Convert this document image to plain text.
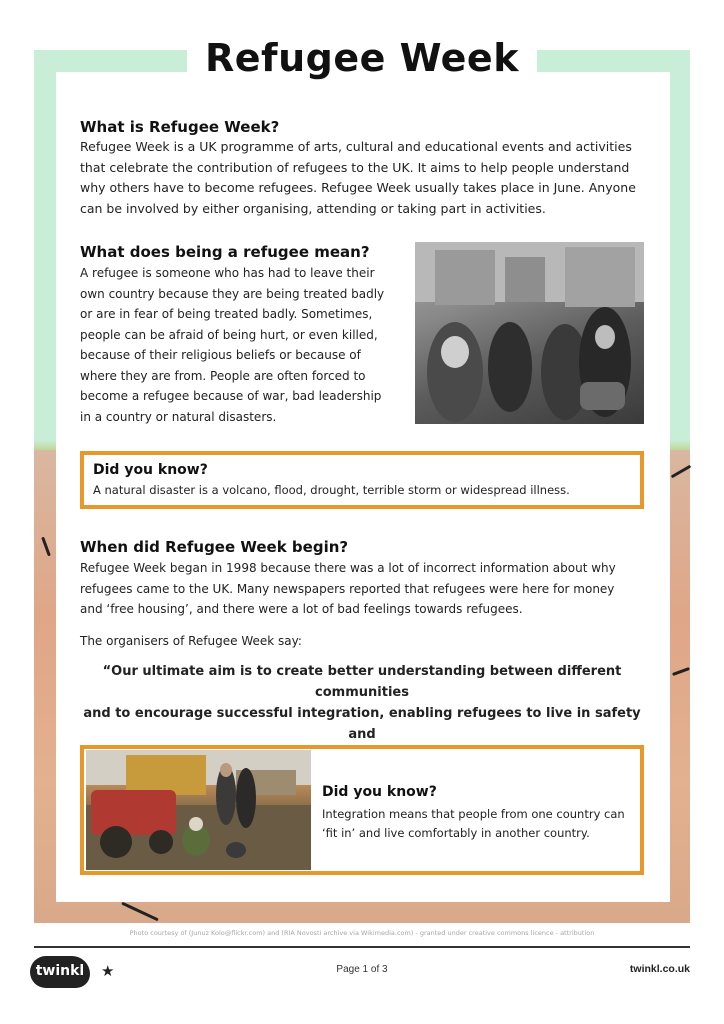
Refugee Week
What is Refugee Week?
Refugee Week is a UK programme of arts, cultural and educational events and activities
that celebrate the contribution of refugees to the UK. It aims to help people understand
why others have to become refugees. Refugee Week usually takes place in June. Anyone
can be involved by either organising, attending or taking part in activities.
What does being a refugee mean?
A refugee is someone who has had to leave their
own country because they are being treated badly
or are in fear of being treated badly. Sometimes,
people can be afraid of being hurt, or even killed,
because of their religious beliefs or because of
where they are from. People are often forced to
become a refugee because of war, bad leadership
in a country or natural disasters.
Did you know?
A natural disaster is a volcano, flood, drought, terrible storm or widespread illness.
When did Refugee Week begin?
Refugee Week began in 1998 because there was a lot of incorrect information about why
refugees came to the UK. Many newspapers reported that refugees were here for money
and ‘free housing’, and there were a lot of bad feelings towards refugees.
The organisers of Refugee Week say:
“Our ultimate aim is to create better understanding between different communities
and to encourage successful integration, enabling refugees to live in safety and
Did you know?
Integration means that people from one country can
‘fit in’ and live comfortably in another country.
Photo courtesy of (Junuz Kolo@flickr.com) and (RIA Novosti archive via Wikimedia.com) - granted under creative commons licence - attribution
twinkl	★	Page 1 of 3	twinkl.co.uk
